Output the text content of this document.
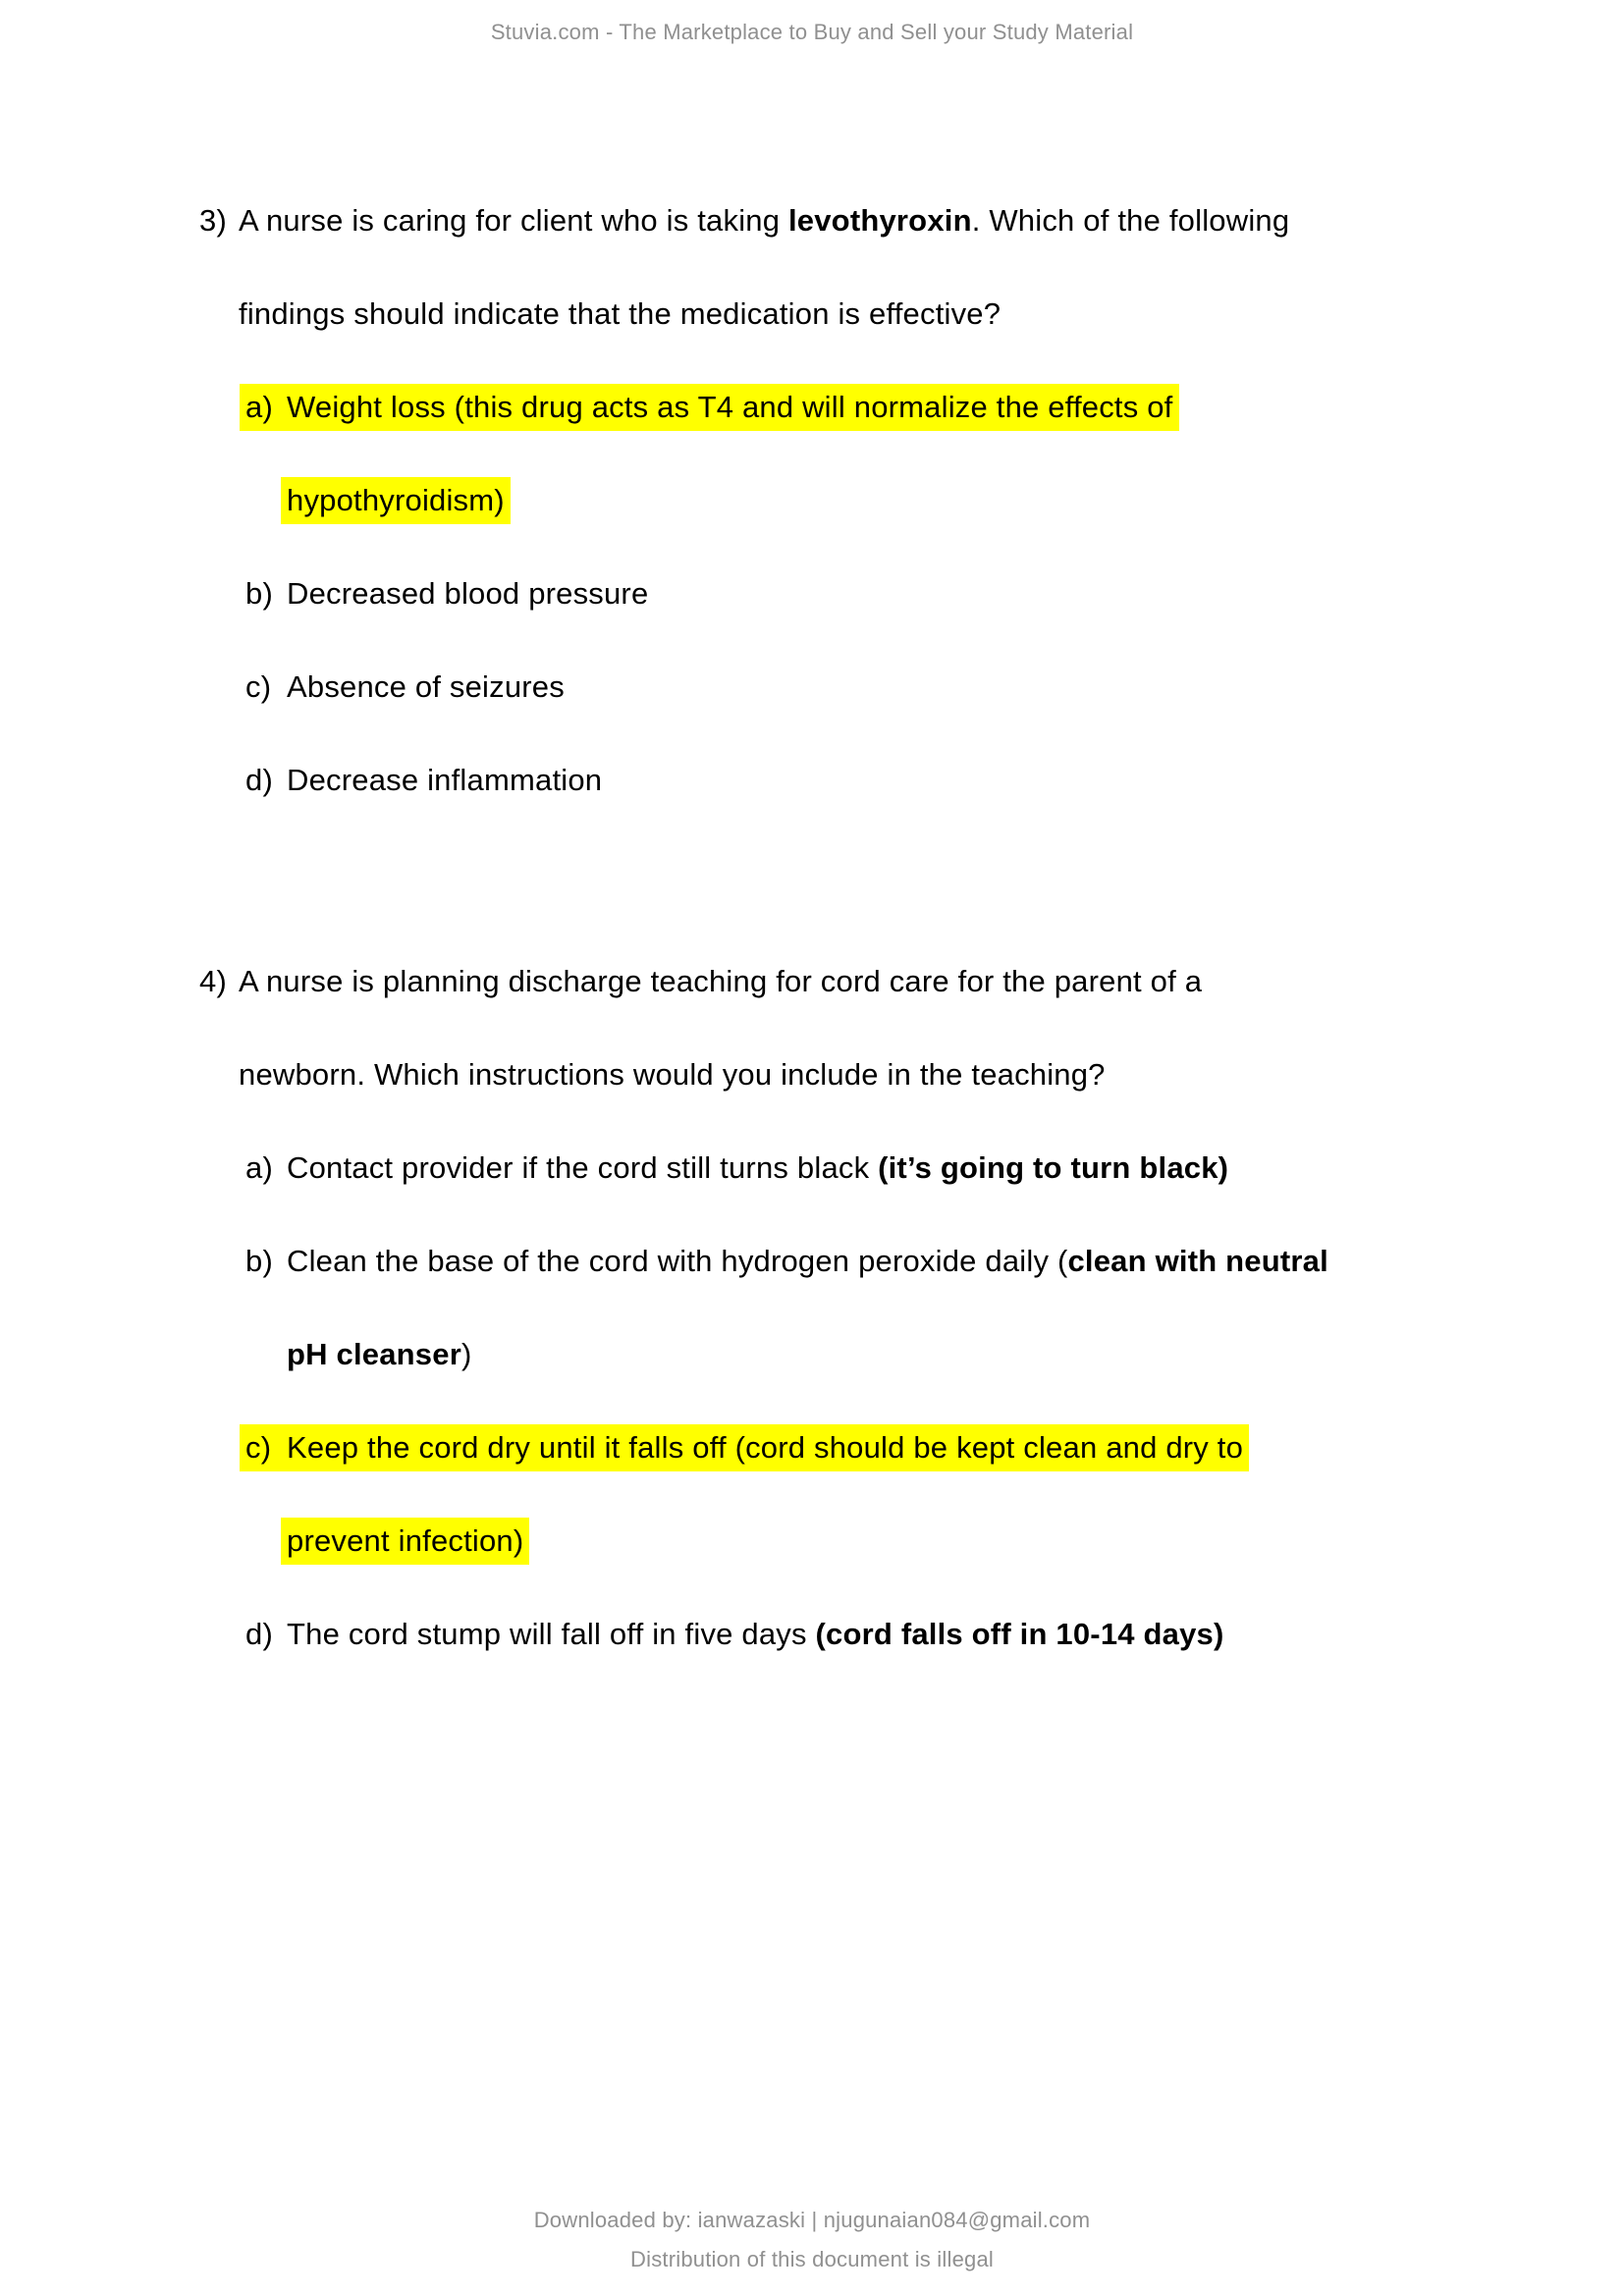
Stuvia.com - The Marketplace to Buy and Sell your Study Material
3) A nurse is caring for client who is taking levothyroxin. Which of the following
findings should indicate that the medication is effective?
a) Weight loss (this drug acts as T4 and will normalize the effects of
hypothyroidism)
b) Decreased blood pressure
c) Absence of seizures
d) Decrease inflammation
4) A nurse is planning discharge teaching for cord care for the parent of a
newborn. Which instructions would you include in the teaching?
a) Contact provider if the cord still turns black (it’s going to turn black)
b) Clean the base of the cord with hydrogen peroxide daily (clean with neutral
pH cleanser)
c) Keep the cord dry until it falls off (cord should be kept clean and dry to
prevent infection)
d) The cord stump will fall off in five days (cord falls off in 10-14 days)
Downloaded by: ianwazaski | njugunaian084@gmail.com
Distribution of this document is illegal
